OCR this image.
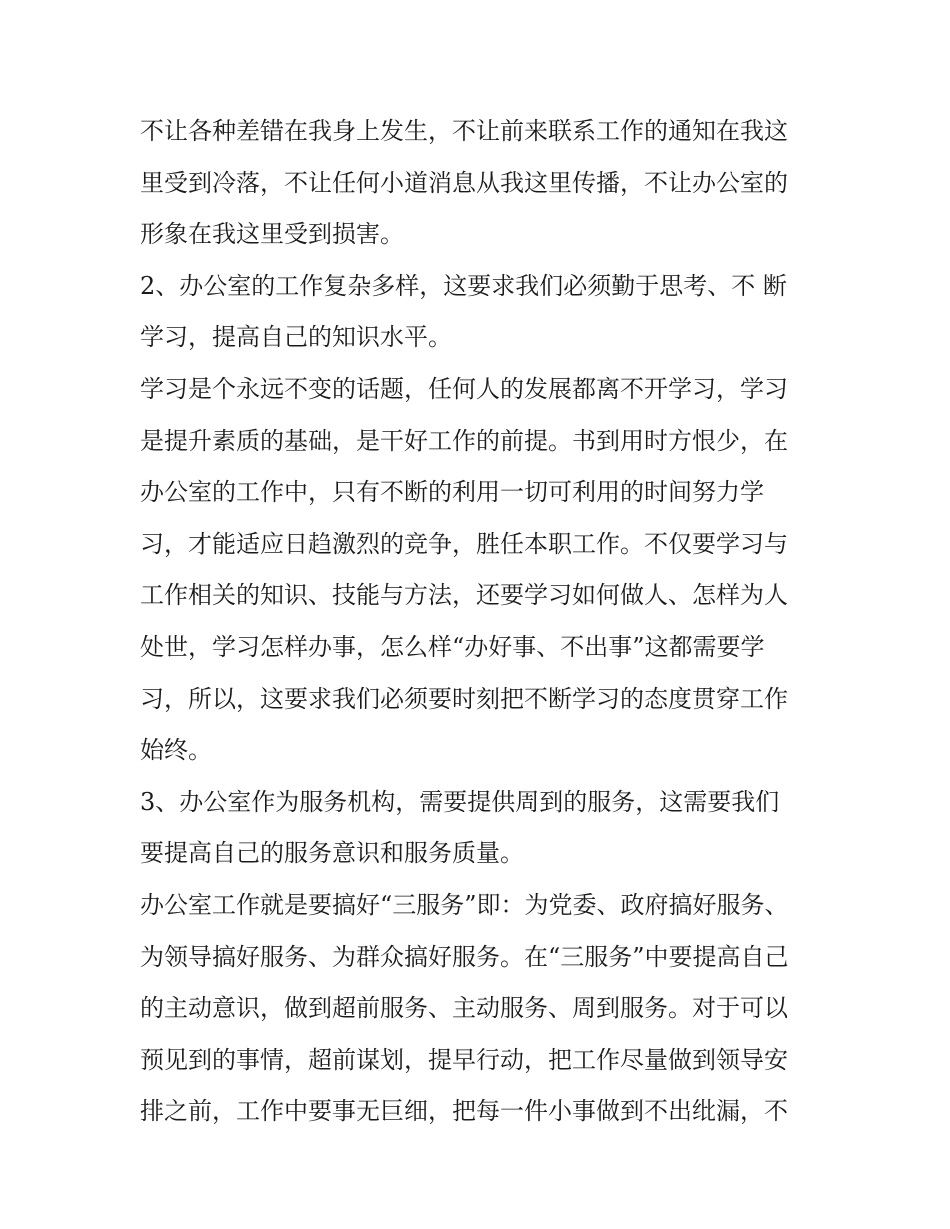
不让各种差错在我身上发生，不让前来联系工作的通知在我这
里受到冷落，不让任何小道消息从我这里传播，不让办公室的
形象在我这里受到损害。
2、办公室的工作复杂多样，这要求我们必须勤于思考、不 断
学习，提高自己的知识水平。
学习是个永远不变的话题，任何人的发展都离不开学习，学习
是提升素质的基础，是干好工作的前提。书到用时方恨少，在
办公室的工作中，只有不断的利用一切可利用的时间努力学
习，才能适应日趋激烈的竞争，胜任本职工作。不仅要学习与
工作相关的知识、技能与方法，还要学习如何做人、怎样为人
处世，学习怎样办事，怎么样“办好事、不出事”这都需要学
习，所以，这要求我们必须要时刻把不断学习的态度贯穿工作
始终。
3、办公室作为服务机构，需要提供周到的服务，这需要我们
要提高自己的服务意识和服务质量。
办公室工作就是要搞好“三服务”即：为党委、政府搞好服务、
为领导搞好服务、为群众搞好服务。在“三服务”中要提高自己
的主动意识，做到超前服务、主动服务、周到服务。对于可以
预见到的事情，超前谋划，提早行动，把工作尽量做到领导安
排之前，工作中要事无巨细，把每一件小事做到不出纰漏，不
